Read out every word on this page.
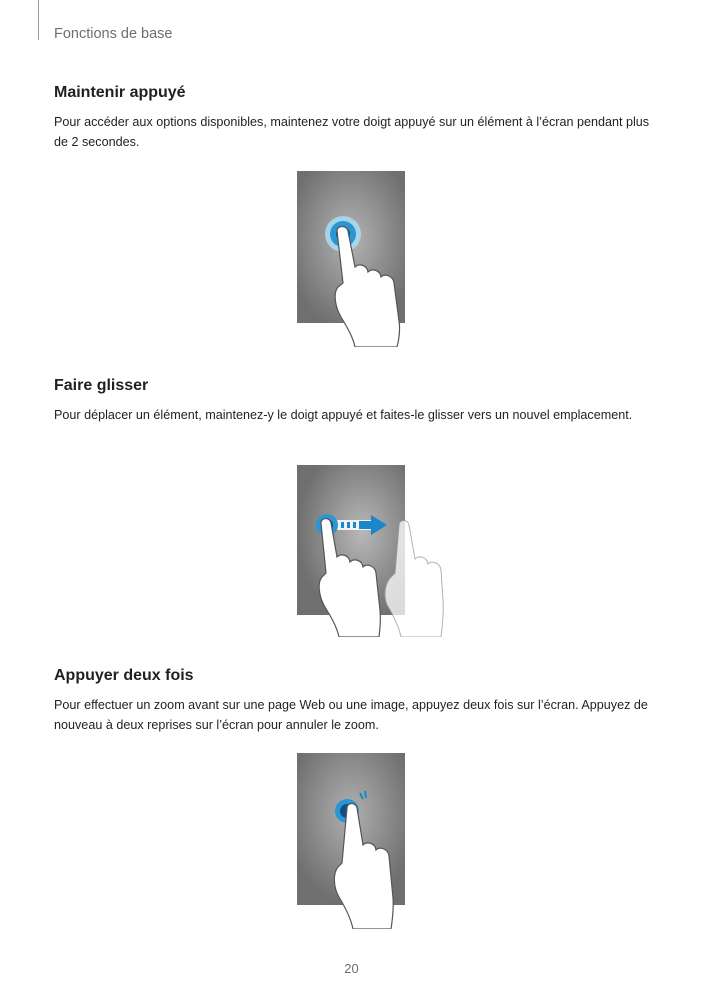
Fonctions de base
Maintenir appuyé

Pour accéder aux options disponibles, maintenez votre doigt appuyé sur un élément à l’écran pendant plus de 2 secondes.

Faire glisser

Pour déplacer un élément, maintenez-y le doigt appuyé et faites-le glisser vers un nouvel emplacement.

Appuyer deux fois

Pour effectuer un zoom avant sur une page Web ou une image, appuyez deux fois sur l’écran. Appuyez de nouveau à deux reprises sur l’écran pour annuler le zoom.

20
